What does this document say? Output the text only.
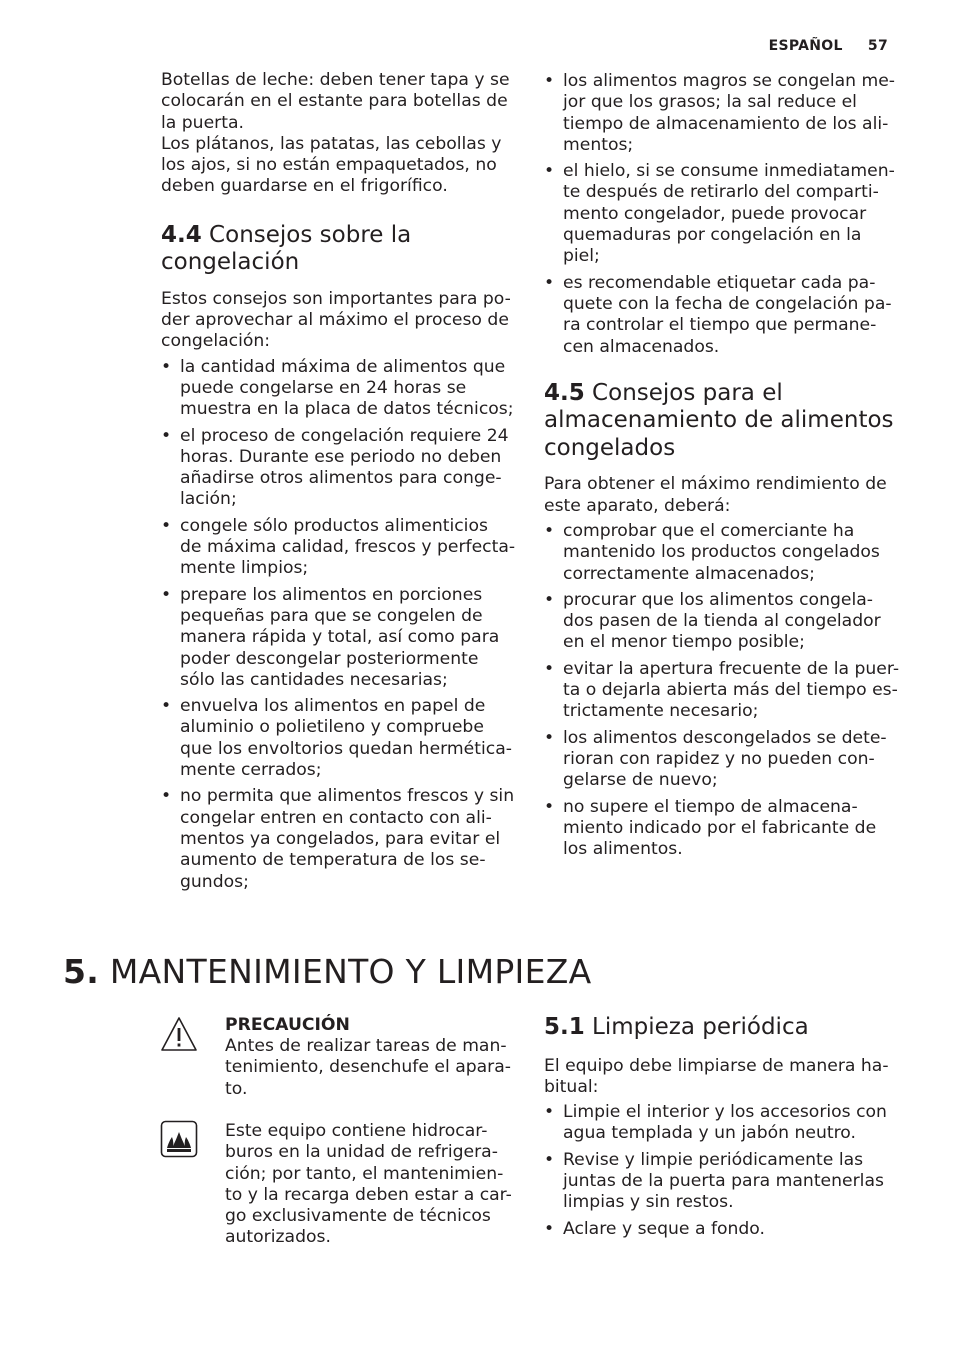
ESPAÑOL 57

Botellas de leche: deben tener tapa y se
colocarán en el estante para botellas de
la puerta.
Los plátanos, las patatas, las cebollas y
los ajos, si no están empaquetados, no
deben guardarse en el frigorífico.

4.4 Consejos sobre la
congelación

Estos consejos son importantes para po-
der aprovechar al máximo el proceso de
congelación:

• la cantidad máxima de alimentos que
puede congelarse en 24 horas se
muestra en la placa de datos técnicos;
• el proceso de congelación requiere 24
horas. Durante ese periodo no deben
añadirse otros alimentos para conge-
lación;
• congele sólo productos alimenticios
de máxima calidad, frescos y perfecta-
mente limpios;
• prepare los alimentos en porciones
pequeñas para que se congelen de
manera rápida y total, así como para
poder descongelar posteriormente
sólo las cantidades necesarias;
• envuelva los alimentos en papel de
aluminio o polietileno y compruebe
que los envoltorios quedan hermética-
mente cerrados;
• no permita que alimentos frescos y sin
congelar entren en contacto con ali-
mentos ya congelados, para evitar el
aumento de temperatura de los se-
gundos;
• los alimentos magros se congelan me-
jor que los grasos; la sal reduce el
tiempo de almacenamiento de los ali-
mentos;
• el hielo, si se consume inmediatamen-
te después de retirarlo del comparti-
mento congelador, puede provocar
quemaduras por congelación en la
piel;
• es recomendable etiquetar cada pa-
quete con la fecha de congelación pa-
ra controlar el tiempo que permane-
cen almacenados.
4.5 Consejos para el
almacenamiento de alimentos
congelados

Para obtener el máximo rendimiento de
este aparato, deberá:

• comprobar que el comerciante ha
mantenido los productos congelados
correctamente almacenados;
• procurar que los alimentos congela-
dos pasen de la tienda al congelador
en el menor tiempo posible;
• evitar la apertura frecuente de la puer-
ta o dejarla abierta más del tiempo es-
trictamente necesario;
• los alimentos descongelados se dete-
rioran con rapidez y no pueden con-
gelarse de nuevo;
• no supere el tiempo de almacena-
miento indicado por el fabricante de
los alimentos.
5. MANTENIMIENTO Y LIMPIEZA
PRECAUCIÓN

Antes de realizar tareas de man-
tenimiento, desenchufe el apara-
to.

Este equipo contiene hidrocar-
buros en la unidad de refrigera-
ción; por tanto, el mantenimien-
to y la recarga deben estar a car-
go exclusivamente de técnicos
autorizados.

5.1 Limpieza periódica

El equipo debe limpiarse de manera ha-
bitual:

• Limpie el interior y los accesorios con
agua templada y un jabón neutro.
• Revise y limpie periódicamente las
juntas de la puerta para mantenerlas
limpias y sin restos.
• Aclare y seque a fondo.
